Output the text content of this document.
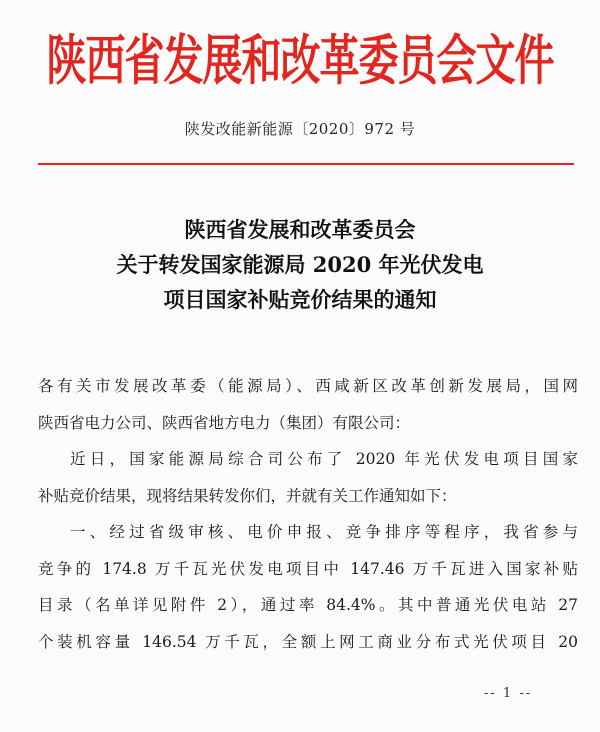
陕西省发展和改革委员会文件
陕发改能新能源〔2020〕972 号
陕西省发展和改革委员会
关于转发国家能源局 2020 年光伏发电
项目国家补贴竞价结果的通知

各有关市发展改革委（能源局）、西咸新区改革创新发展局，国网

陕西省电力公司、陕西省地方电力（集团）有限公司：

近日，国家能源局综合司公布了 2020 年光伏发电项目国家

补贴竞价结果，现将结果转发你们，并就有关工作通知如下：

一、经过省级审核、电价申报、竞争排序等程序，我省参与

竞争的 174.8 万千瓦光伏发电项目中 147.46 万千瓦进入国家补贴

目录（名单详见附件 2），通过率 84.4%。其中普通光伏电站 27

个装机容量 146.54 万千瓦，全额上网工商业分布式光伏项目 20

-- 1 --
